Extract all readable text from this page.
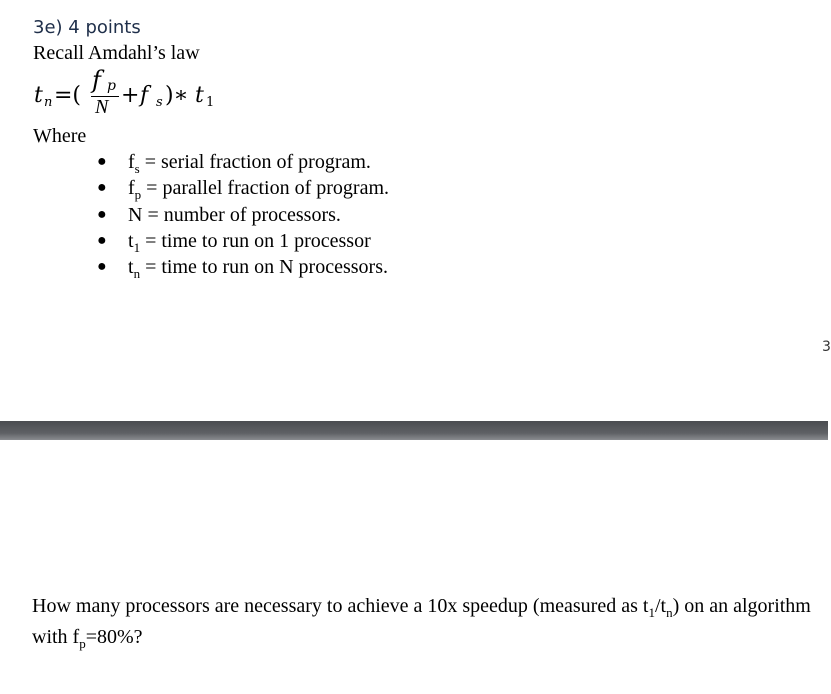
3e) 4 points
Recall Amdahl’s law
t n =(
f p
N + f s )∗ t 1
Where
● $f_s$ = serial fraction of program.
● $f_p$ = parallel fraction of program.
● N = number of processors.
● $t_1$ = time to run on 1 processor
● $t_n$ = time to run on N processors.
3
How many processors are necessary to achieve a 10x speedup (measured as $t_1/t_n$) on an algorithm with $f_p=80\%$?
